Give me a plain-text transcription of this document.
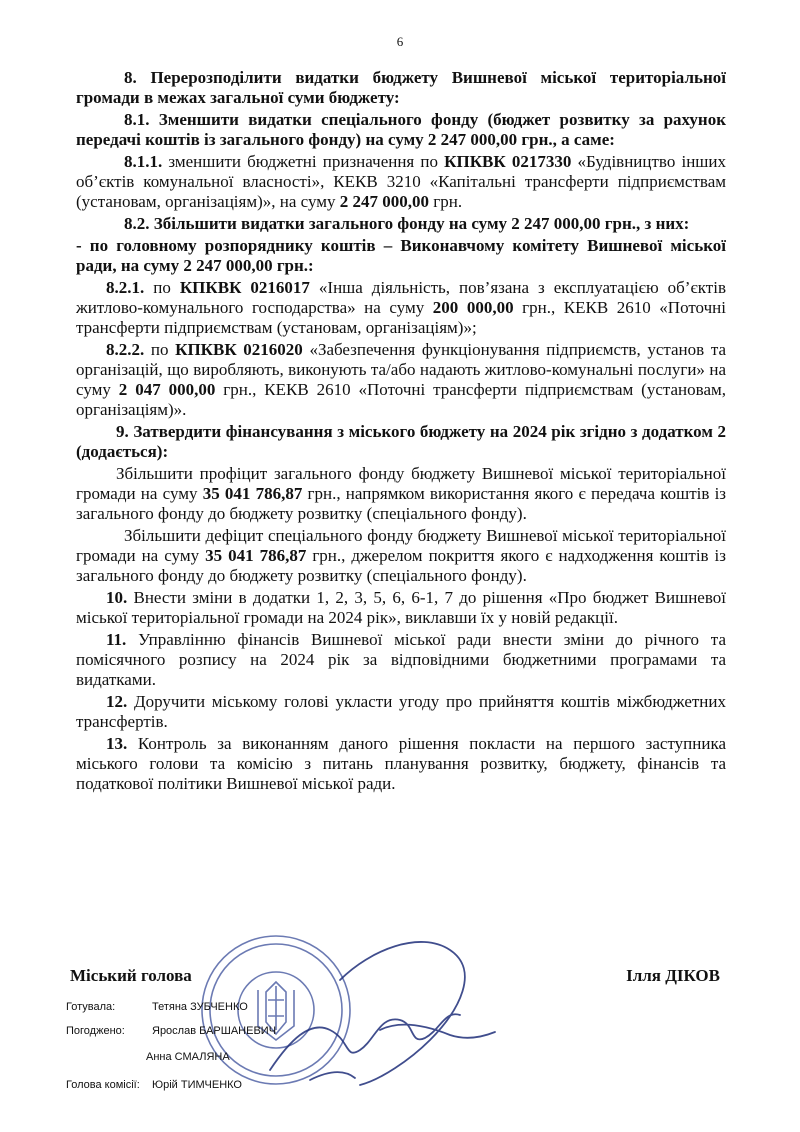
6

8. Перерозподілити видатки бюджету Вишневої міської територіальної громади в межах загальної суми бюджету:

8.1. Зменшити видатки спеціального фонду (бюджет розвитку за рахунок передачі коштів із загального фонду) на суму 2 247 000,00 грн., а саме:

8.1.1. зменшити бюджетні призначення по КПКВК 0217330 «Будівництво інших об’єктів комунальної власності», КЕКВ 3210 «Капітальні трансферти підприємствам (установам, організаціям)», на суму 2 247 000,00 грн.

8.2. Збільшити видатки загального фонду на суму 2 247 000,00 грн., з них:

- по головному розпоряднику коштів – Виконавчому комітету Вишневої міської ради, на суму 2 247 000,00 грн.:

8.2.1. по КПКВК 0216017 «Інша діяльність, пов’язана з експлуатацією об’єктів житлово-комунального господарства» на суму 200 000,00 грн., КЕКВ 2610 «Поточні трансферти підприємствам (установам, організаціям)»;

8.2.2. по КПКВК 0216020 «Забезпечення функціонування підприємств, установ та організацій, що виробляють, виконують та/або надають житлово-комунальні послуги» на суму 2 047 000,00 грн., КЕКВ 2610 «Поточні трансферти підприємствам (установам, організаціям)».

9. Затвердити фінансування з міського бюджету на 2024 рік згідно з додатком 2 (додається):

Збільшити профіцит загального фонду бюджету Вишневої міської територіальної громади на суму 35 041 786,87 грн., напрямком використання якого є передача коштів із загального фонду до бюджету розвитку (спеціального фонду).

Збільшити дефіцит спеціального фонду бюджету Вишневої міської територіальної громади на суму 35 041 786,87 грн., джерелом покриття якого є надходження коштів із загального фонду до бюджету розвитку (спеціального фонду).

10. Внести зміни в додатки 1, 2, 3, 5, 6, 6-1, 7 до рішення «Про бюджет Вишневої міської територіальної громади на 2024 рік», виклавши їх у новій редакції.

11. Управлінню фінансів Вишневої міської ради внести зміни до річного та помісячного розпису на 2024 рік за відповідними бюджетними програмами та видатками.

12. Доручити міському голові укласти угоду про прийняття коштів міжбюджетних трансфертів.

13. Контроль за виконанням даного рішення покласти на першого заступника міського голови та комісію з питань планування розвитку, бюджету, фінансів та податкової політики Вишневої міської ради.

Міський голова	Ілля ДІКОВ
Готувала:	Тетяна ЗУБЧЕНКО
Погоджено: Ярослав БАРШАНЕВИЧ
Анна СМАЛЯНА
Голова комісії: Юрій ТИМЧЕНКО
